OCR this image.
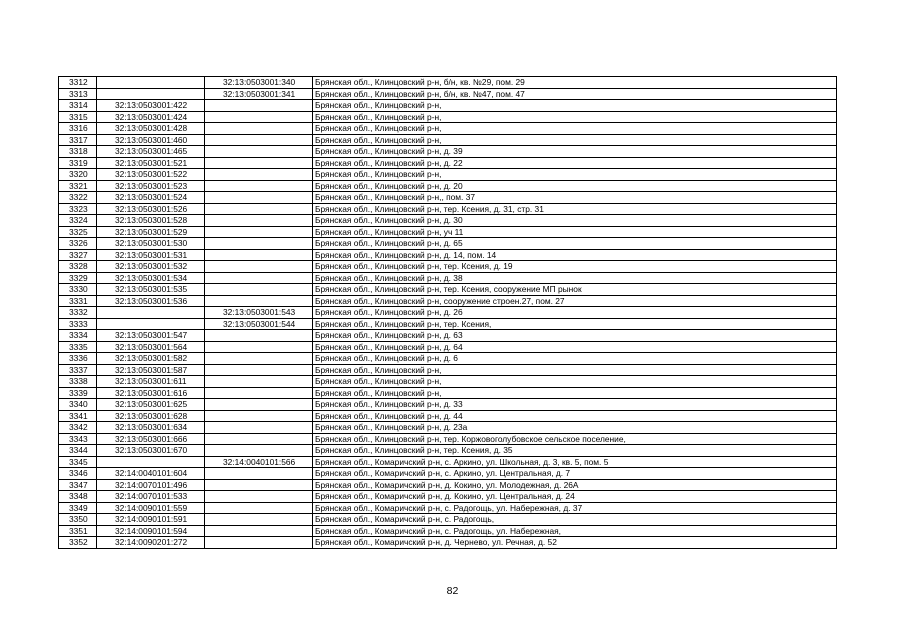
3312		32:13:0503001:340	Брянская обл., Клинцовский р-н, б/н, кв. №29, пом. 29
3313		32:13:0503001:341	Брянская обл., Клинцовский р-н, б/н, кв. №47, пом. 47
3314	32:13:0503001:422		Брянская обл., Клинцовский р-н,
3315	32:13:0503001:424		Брянская обл., Клинцовский р-н,
3316	32:13:0503001:428		Брянская обл., Клинцовский р-н,
3317	32:13:0503001:460		Брянская обл., Клинцовский р-н,
3318	32:13:0503001:465		Брянская обл., Клинцовский р-н, д. 39
3319	32:13:0503001:521		Брянская обл., Клинцовский р-н, д. 22
3320	32:13:0503001:522		Брянская обл., Клинцовский р-н,
3321	32:13:0503001:523		Брянская обл., Клинцовский р-н, д. 20
3322	32:13:0503001:524		Брянская обл., Клинцовский р-н,, пом. 37
3323	32:13:0503001:526		Брянская обл., Клинцовский р-н, тер. Ксения, д. 31, стр. 31
3324	32:13:0503001:528		Брянская обл., Клинцовский р-н, д. 30
3325	32:13:0503001:529		Брянская обл., Клинцовский р-н, уч 11
3326	32:13:0503001:530		Брянская обл., Клинцовский р-н, д. 65
3327	32:13:0503001:531		Брянская обл., Клинцовский р-н, д. 14, пом. 14
3328	32:13:0503001:532		Брянская обл., Клинцовский р-н, тер. Ксения, д. 19
3329	32:13:0503001:534		Брянская обл., Клинцовский р-н, д. 38
3330	32:13:0503001:535		Брянская обл., Клинцовский р-н, тер. Ксения, сооружение МП рынок
3331	32:13:0503001:536		Брянская обл., Клинцовский р-н, сооружение строен.27, пом. 27
3332		32:13:0503001:543	Брянская обл., Клинцовский р-н, д. 26
3333		32:13:0503001:544	Брянская обл., Клинцовский р-н, тер. Ксения,
3334	32:13:0503001:547		Брянская обл., Клинцовский р-н, д. 63
3335	32:13:0503001:564		Брянская обл., Клинцовский р-н, д. 64
3336	32:13:0503001:582		Брянская обл., Клинцовский р-н, д. 6
3337	32:13:0503001:587		Брянская обл., Клинцовский р-н,
3338	32:13:0503001:611		Брянская обл., Клинцовский р-н,
3339	32:13:0503001:616		Брянская обл., Клинцовский р-н,
3340	32:13:0503001:625		Брянская обл., Клинцовский р-н, д. 33
3341	32:13:0503001:628		Брянская обл., Клинцовский р-н, д. 44
3342	32:13:0503001:634		Брянская обл., Клинцовский р-н, д. 23а
3343	32:13:0503001:666		Брянская обл., Клинцовский р-н, тер. Коржовоголубовское сельское поселение,
3344	32:13:0503001:670		Брянская обл., Клинцовский р-н, тер. Ксения, д. 35
3345		32:14:0040101:566	Брянская обл., Комаричский р-н, с. Аркино, ул. Школьная, д. 3, кв. 5, пом. 5
3346	32:14:0040101:604		Брянская обл., Комаричский р-н, с. Аркино, ул. Центральная, д. 7
3347	32:14:0070101:496		Брянская обл., Комаричский р-н, д. Кокино, ул. Молодежная, д. 26А
3348	32:14:0070101:533		Брянская обл., Комаричский р-н, д. Кокино, ул. Центральная, д. 24
3349	32:14:0090101:559		Брянская обл., Комаричский р-н, с. Радогощь, ул. Набережная, д. 37
3350	32:14:0090101:591		Брянская обл., Комаричский р-н, с. Радогощь,
3351	32:14:0090101:594		Брянская обл., Комаричский р-н, с. Радогощь, ул. Набережная,
3352	32:14:0090201:272		Брянская обл., Комаричский р-н, д. Чернево, ул. Речная, д. 52
82
